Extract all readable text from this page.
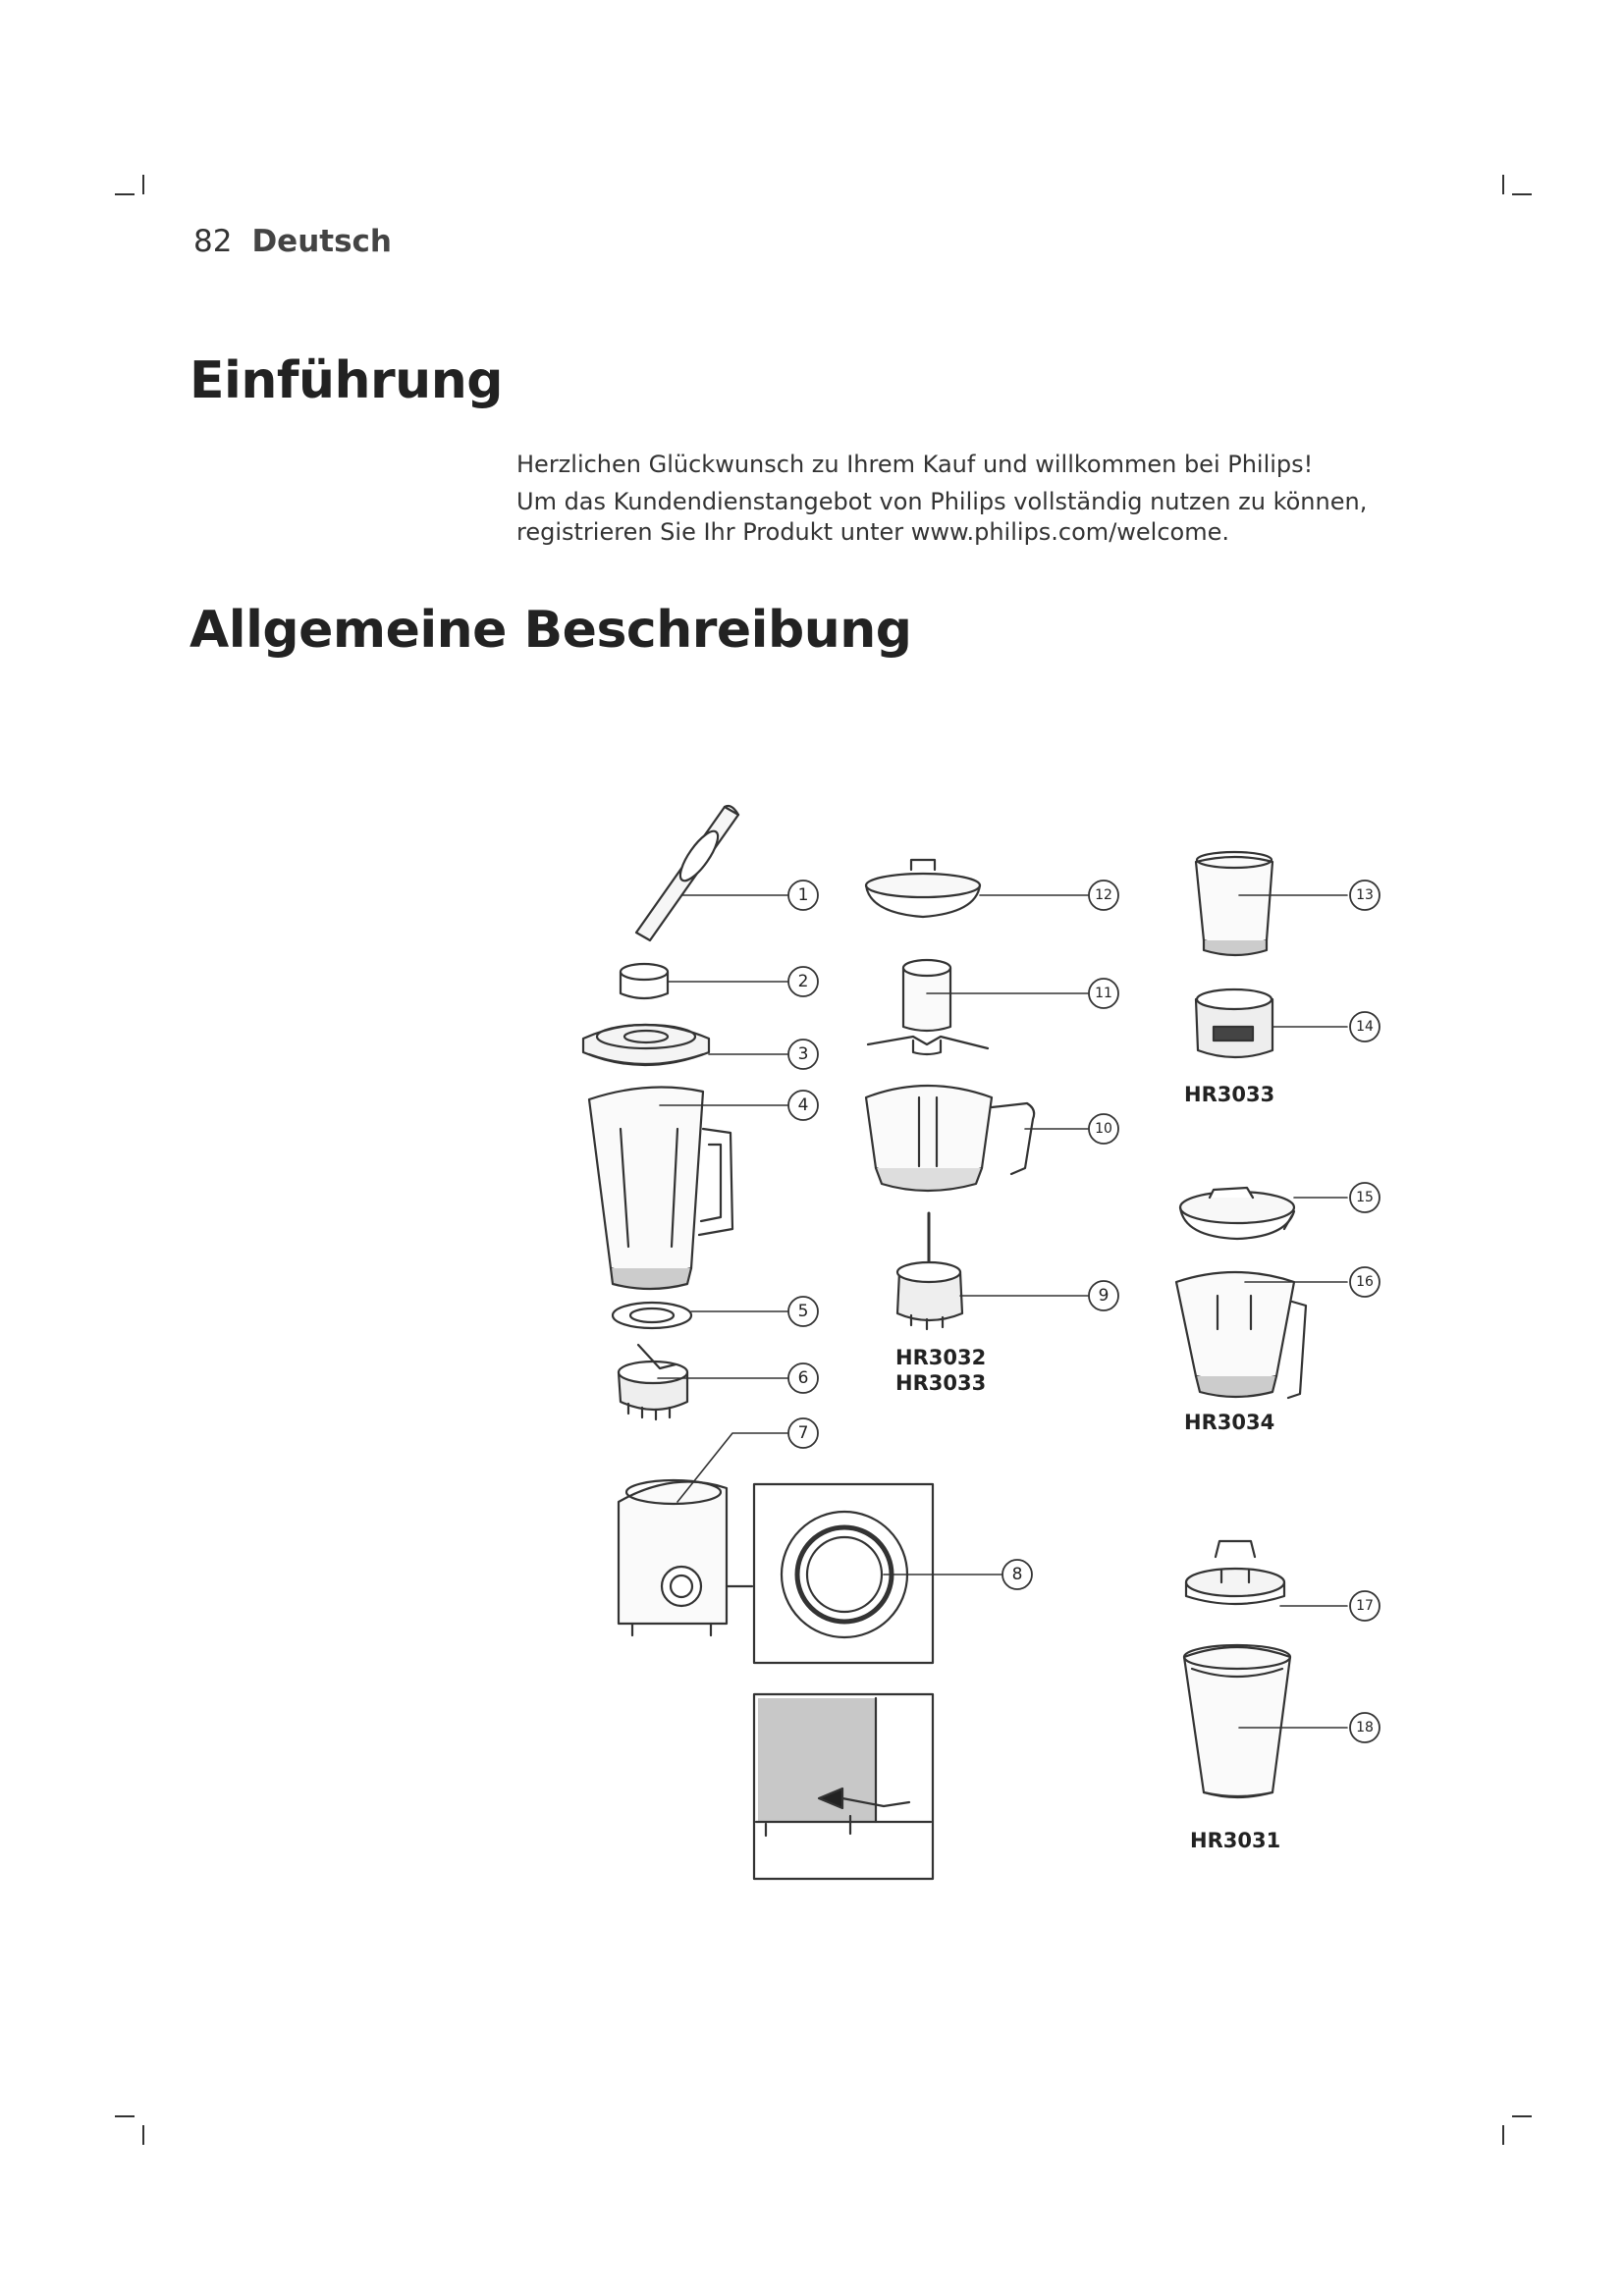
82 Deutsch
Einführung

Herzlichen Glückwunsch zu Ihrem Kauf und willkommen bei Philips!

Um das Kundendienstangebot von Philips vollständig nutzen zu können, registrieren Sie Ihr Produkt unter www.philips.com/welcome.

Allgemeine Beschreibung
1
2
3
4
5
6
7
8
9
10
11
12	13
14
15
16
17
18
HR3033
HR3032
HR3033
HR3034
HR3031
